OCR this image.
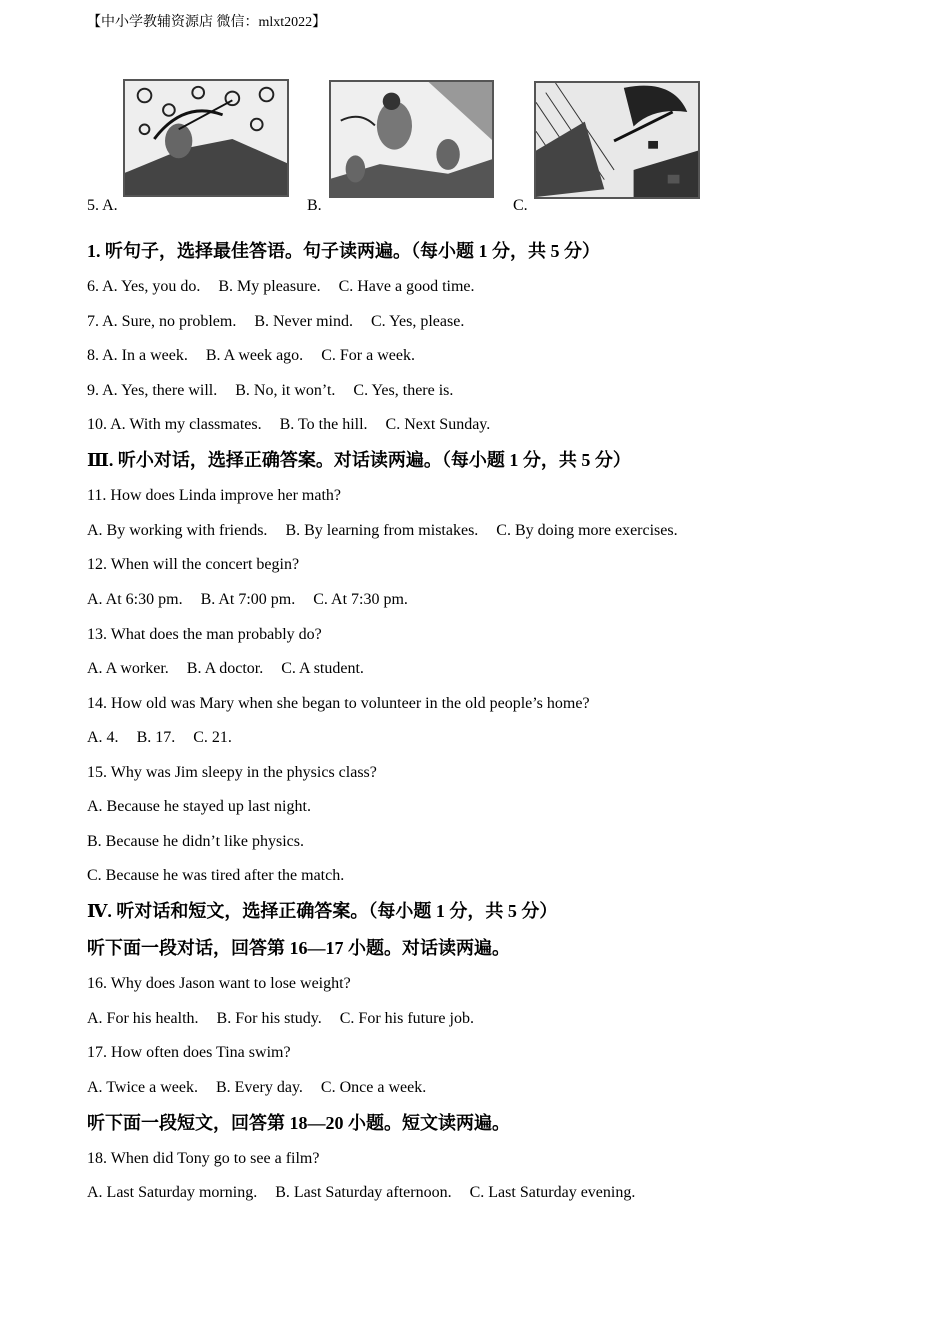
【中小学教辅资源店 微信：mlxt2022】
5. A.	B.	C.
1. 听句子，选择最佳答语。句子读两遍。（每小题 1 分，共 5 分）
6. A. Yes, you do. B. My pleasure. C. Have a good time.
7. A. Sure, no problem. B. Never mind. C. Yes, please.
8. A. In a week. B. A week ago. C. For a week.
9. A. Yes, there will. B. No, it won’t. C. Yes, there is.
10. A. With my classmates. B. To the hill. C. Next Sunday.
Ⅲ. 听小对话，选择正确答案。对话读两遍。（每小题 1 分，共 5 分）
11. How does Linda improve her math?
A. By working with friends. B. By learning from mistakes. C. By doing more exercises.
12. When will the concert begin?
A. At 6:30 pm. B. At 7:00 pm. C. At 7:30 pm.
13. What does the man probably do?
A. A worker. B. A doctor. C. A student.
14. How old was Mary when she began to volunteer in the old people’s home?
A. 4. B. 17. C. 21.
15. Why was Jim sleepy in the physics class?
A. Because he stayed up last night.
B. Because he didn’t like physics.
C. Because he was tired after the match.
Ⅳ. 听对话和短文，选择正确答案。（每小题 1 分，共 5 分）
听下面一段对话，回答第 16—17 小题。对话读两遍。
16. Why does Jason want to lose weight?
A. For his health. B. For his study. C. For his future job.
17. How often does Tina swim?
A. Twice a week. B. Every day. C. Once a week.
听下面一段短文，回答第 18—20 小题。短文读两遍。
18. When did Tony go to see a film?
A. Last Saturday morning. B. Last Saturday afternoon. C. Last Saturday evening.
